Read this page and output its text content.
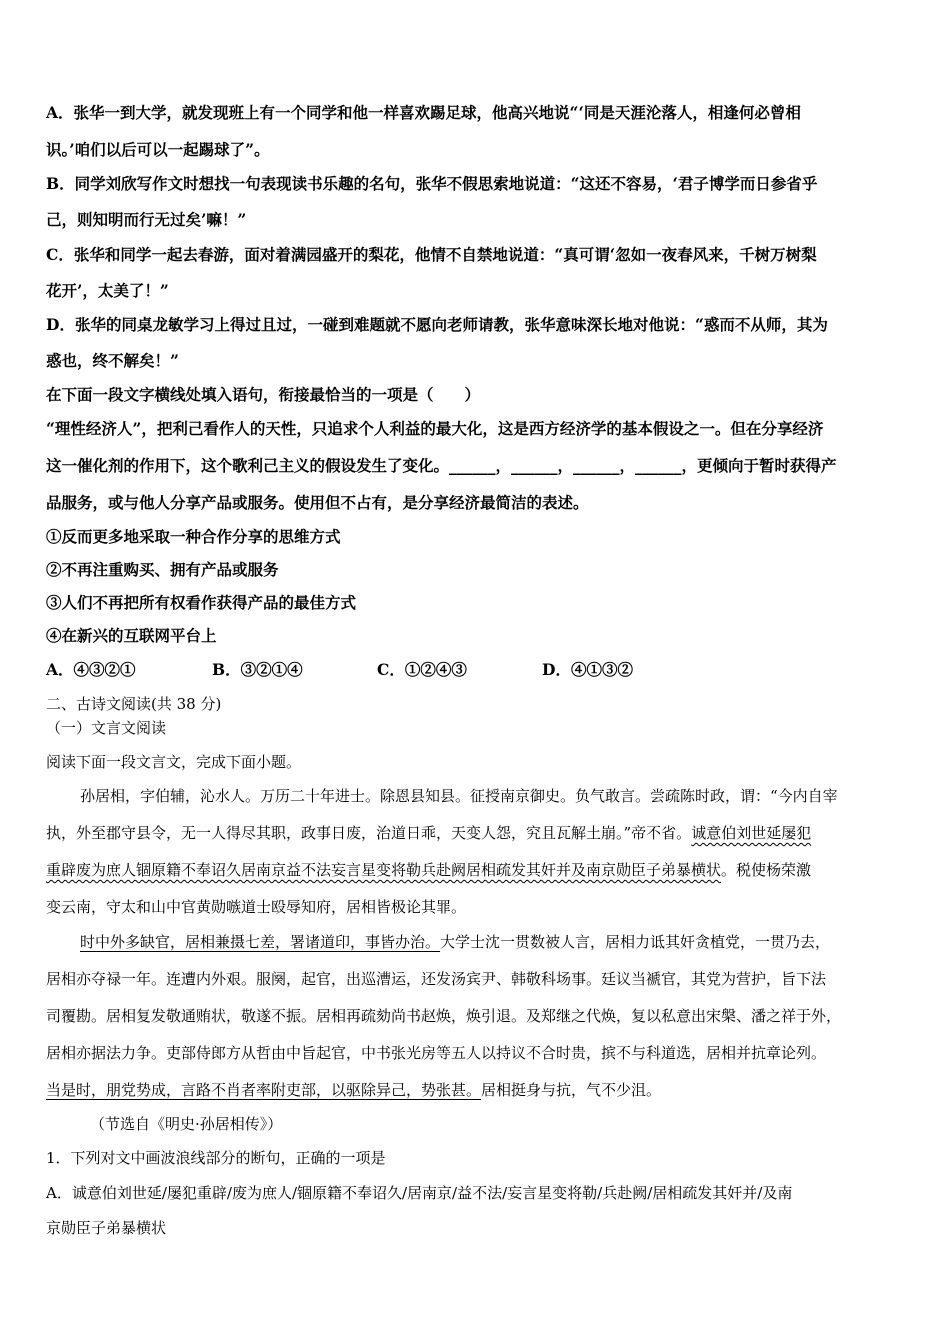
A．张华一到大学，就发现班上有一个同学和他一样喜欢踢足球，他高兴地说“‘同是天涯沦落人，相逢何必曾相
识。’咱们以后可以一起踢球了”。
B．同学刘欣写作文时想找一句表现读书乐趣的名句，张华不假思索地说道：“这还不容易，‘君子博学而日参省乎
己，则知明而行无过矣’嘛！”
C．张华和同学一起去春游，面对着满园盛开的梨花，他情不自禁地说道：“真可谓‘忽如一夜春风来，千树万树梨
花开’，太美了！”
D．张华的同桌龙敏学习上得过且过，一碰到难题就不愿向老师请教，张华意味深长地对他说：“惑而不从师，其为
惑也，终不解矣！”
在下面一段文字横线处填入语句，衔接最恰当的一项是（　　）
“理性经济人”，把利己看作人的天性，只追求个人利益的最大化，这是西方经济学的基本假设之一。但在分享经济
这一催化剂的作用下，这个歌利己主义的假设发生了变化。______，______，______，______，更倾向于暂时获得产
品服务，或与他人分享产品或服务。使用但不占有，是分享经济最简洁的表述。
①反而更多地采取一种合作分享的思维方式
②不再注重购买、拥有产品或服务
③人们不再把所有权看作获得产品的最佳方式
④在新兴的互联网平台上
A．④③②①	B．③②①④	C．①②④③	D．④①③②
二、古诗文阅读(共 38 分)
（一）文言文阅读
阅读下面一段文言文，完成下面小题。
孙居相，字伯辅，沁水人。万历二十年进士。除恩县知县。征授南京御史。负气敢言。尝疏陈时政，谓：“今内自宰
执，外至郡守县令，无一人得尽其职，政事日废，治道日乖，天变人怨，究且瓦解土崩。”帝不省。诚意伯刘世延屡犯
重辟废为庶人锢原籍不奉诏久居南京益不法妄言星变将勒兵赴阙居相疏发其奸并及南京勋臣子弟暴横状。税使杨荣激
变云南，守太和山中官黄勋嗾道士殴辱知府，居相皆极论其罪。
时中外多缺官，居相兼摄七差，署诸道印，事皆办治。大学士沈一贯数被人言，居相力诋其奸贪植党，一贯乃去，
居相亦夺禄一年。连遭内外艰。服阕，起官，出巡漕运，还发汤宾尹、韩敬科场事。廷议当褫官，其党为营护，旨下法
司覆勘。居相复发敬通贿状，敬遂不振。居相再疏劾尚书赵焕，焕引退。及郑继之代焕，复以私意出宋槃、潘之祥于外，
居相亦据法力争。吏部侍郎方从哲由中旨起官，中书张光房等五人以持议不合时贵，摈不与科道选，居相并抗章论列。
当是时，朋党势成，言路不肖者率附吏部，以驱除异己，势张甚。居相挺身与抗，气不少沮。
（节选自《明史·孙居相传》）
1．下列对文中画波浪线部分的断句，正确的一项是
A．诚意伯刘世延/屡犯重辟/废为庶人/锢原籍不奉诏久/居南京/益不法/妄言星变将勒/兵赴阙/居相疏发其奸并/及南
京勋臣子弟暴横状
